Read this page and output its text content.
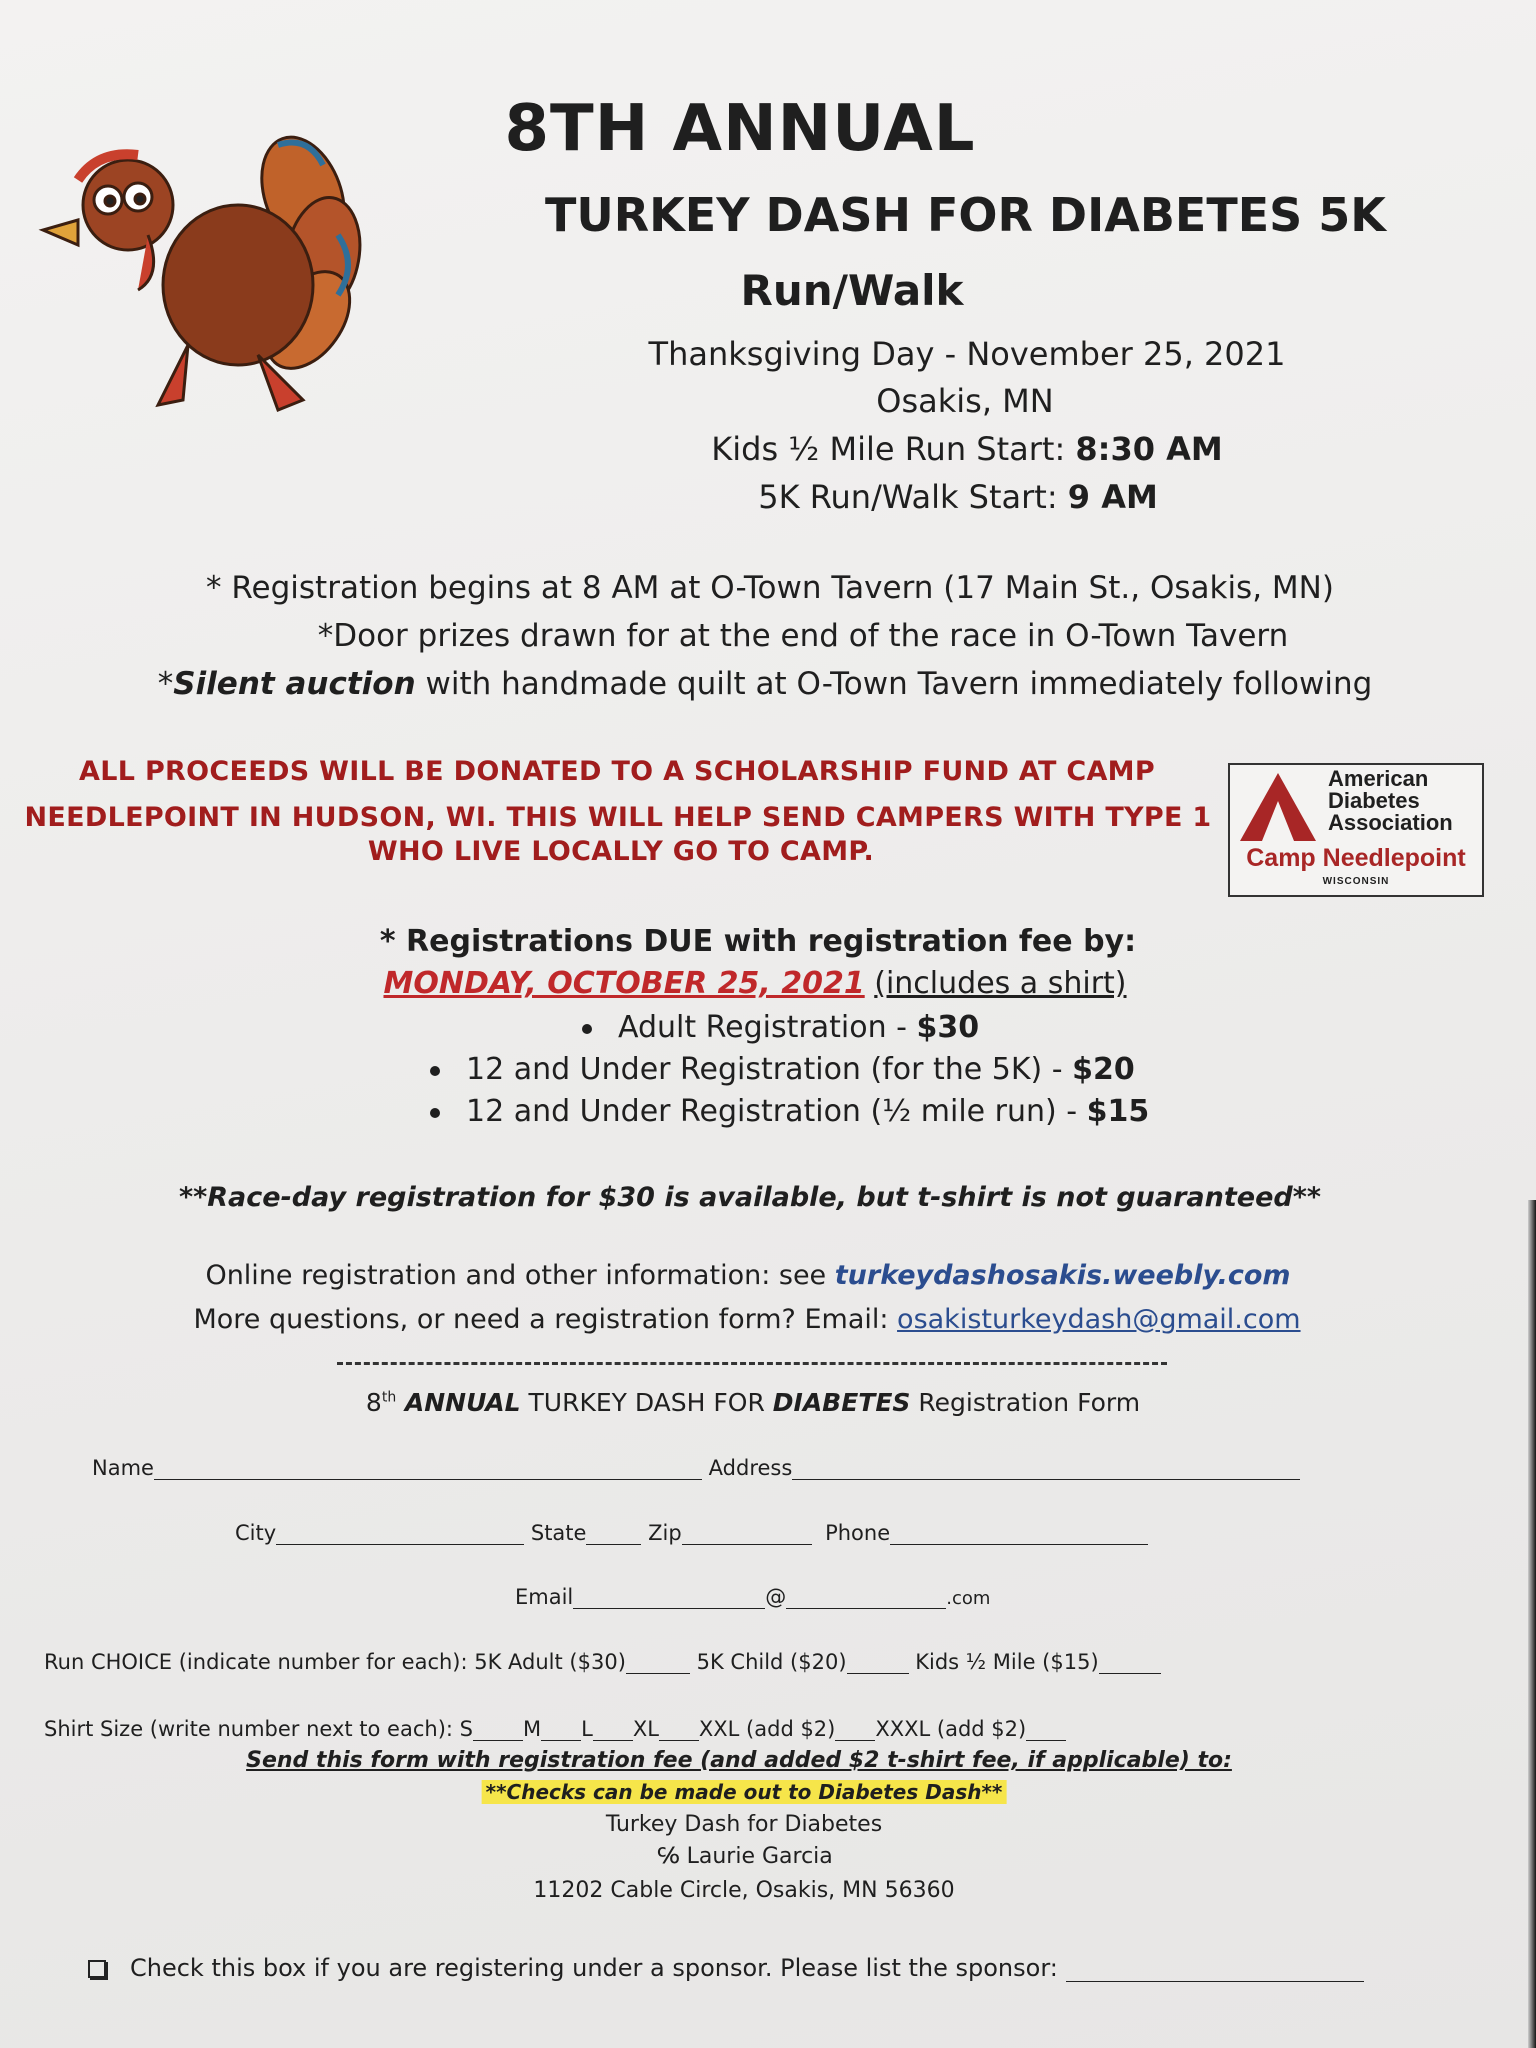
8TH ANNUAL
TURKEY DASH FOR DIABETES 5K
Run/Walk
Thanksgiving Day - November 25, 2021
Osakis, MN
Kids ½ Mile Run Start: 8:30 AM
5K Run/Walk Start: 9 AM
* Registration begins at 8 AM at O-Town Tavern (17 Main St., Osakis, MN)
*Door prizes drawn for at the end of the race in O-Town Tavern
*Silent auction with handmade quilt at O-Town Tavern immediately following
ALL PROCEEDS WILL BE DONATED TO A SCHOLARSHIP FUND AT CAMP
NEEDLEPOINT IN HUDSON, WI. THIS WILL HELP SEND CAMPERS WITH TYPE 1
WHO LIVE LOCALLY GO TO CAMP.
American
Diabetes
Association
Camp Needlepoint
WISCONSIN
* Registrations DUE with registration fee by:
MONDAY, OCTOBER 25, 2021 (includes a shirt)
Adult Registration - $30
12 and Under Registration (for the 5K) - $20
12 and Under Registration (½ mile run) - $15
**Race-day registration for $30 is available, but t-shirt is not guaranteed**
Online registration and other information: see turkeydashosakis.weebly.com
More questions, or need a registration form? Email: osakisturkeydash@gmail.com
8th ANNUAL TURKEY DASH FOR DIABETES Registration Form
Name	Address
City	State	Zip	Phone
Email	@	.com
Run CHOICE (indicate number for each): 5K Adult ($30)	5K Child ($20)	Kids ½ Mile ($15)
Shirt Size (write number next to each): S M L XL XXL (add $2) XXXL (add $2)
Send this form with registration fee (and added $2 t-shirt fee, if applicable) to:
**Checks can be made out to Diabetes Dash**
Turkey Dash for Diabetes
℅ Laurie Garcia
11202 Cable Circle, Osakis, MN 56360
Check this box if you are registering under a sponsor. Please list the sponsor:
